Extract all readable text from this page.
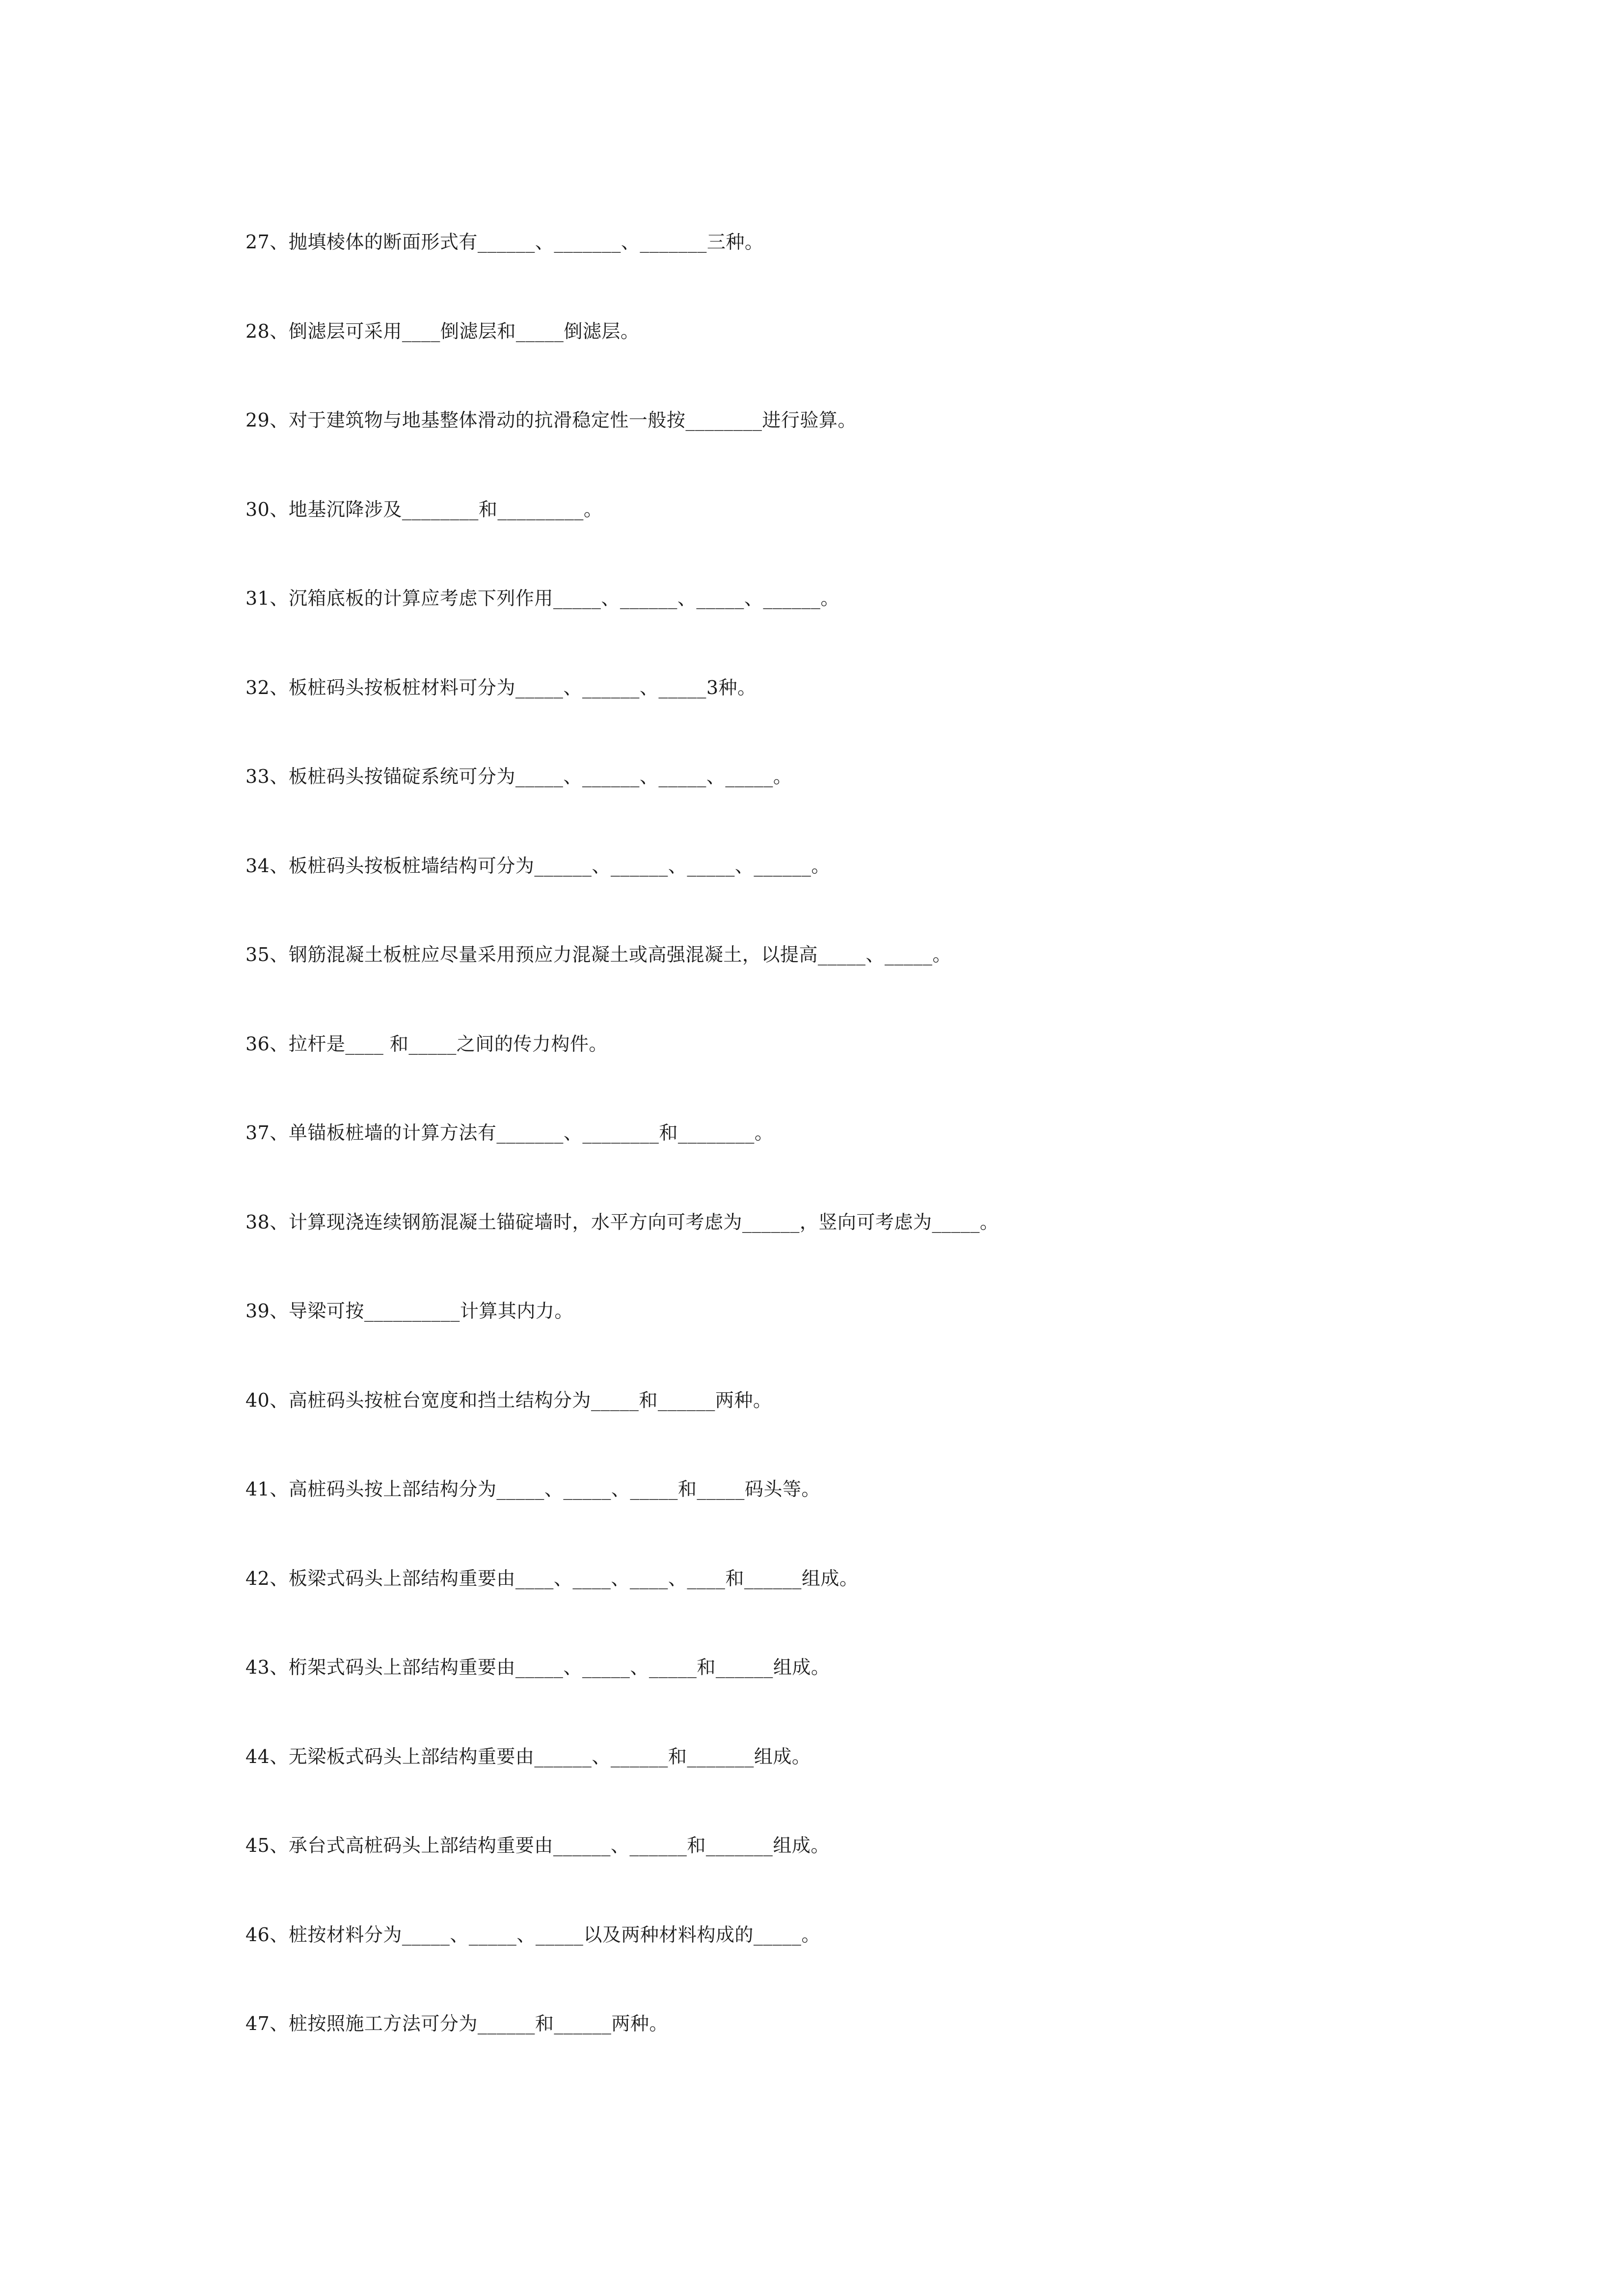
27、抛填棱体的断面形式有______、_______、_______三种。
28、倒滤层可采用____倒滤层和_____倒滤层。
29、对于建筑物与地基整体滑动的抗滑稳定性一般按________进行验算。
30、地基沉降涉及________和_________。
31、沉箱底板的计算应考虑下列作用_____、______、_____、______。
32、板桩码头按板桩材料可分为_____、______、_____3种。
33、板桩码头按锚碇系统可分为_____、______、_____、_____。
34、板桩码头按板桩墙结构可分为______、______、_____、______。
35、钢筋混凝土板桩应尽量采用预应力混凝土或高强混凝土，以提高_____、_____。
36、拉杆是____ 和_____之间的传力构件。
37、单锚板桩墙的计算方法有_______、________和________。
38、计算现浇连续钢筋混凝土锚碇墙时，水平方向可考虑为______，竖向可考虑为_____。
39、导梁可按__________计算其内力。
40、高桩码头按桩台宽度和挡土结构分为_____和______两种。
41、高桩码头按上部结构分为_____、_____、_____和_____码头等。
42、板梁式码头上部结构重要由____、____、____、____和______组成。
43、桁架式码头上部结构重要由_____、_____、_____和______组成。
44、无梁板式码头上部结构重要由______、______和_______组成。
45、承台式高桩码头上部结构重要由______、______和_______组成。
46、桩按材料分为_____、_____、_____以及两种材料构成的_____。
47、桩按照施工方法可分为______和______两种。
